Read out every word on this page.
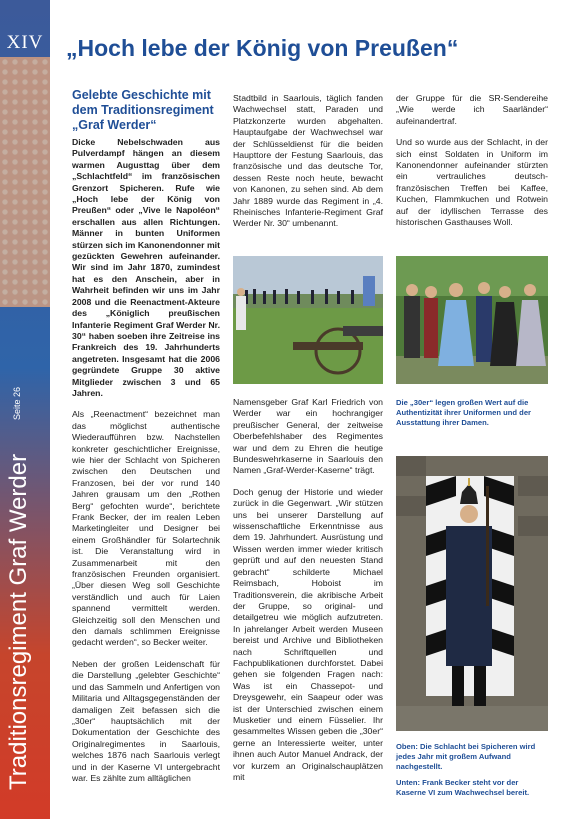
XIV
Seite 26
Traditionsregiment Graf Werder
„Hoch lebe der König von Preußen“
Gelebte Geschichte mit dem Traditionsregiment „Graf Werder“

Dicke Nebelschwaden aus Pulverdampf hängen an diesem warmen Augusttag über dem „Schlachtfeld“ im französischen Grenzort Spicheren. Rufe wie „Hoch lebe der König von Preußen“ oder „Vive le Napoléon“ erschallen aus allen Richtungen. Männer in bunten Uniformen stürzen sich im Kanonendonner mit gezückten Gewehren aufeinander. Wir sind im Jahr 1870, zumindest hat es den Anschein, aber in Wahrheit befinden wir uns im Jahr 2008 und die Reenactment-Akteure des „Königlich preußischen Infanterie Regiment Graf Werder Nr. 30“ haben soeben ihre Zeitreise ins Frankreich des 19. Jahrhunderts angetreten. Insgesamt hat die 2006 gegründete Gruppe 30 aktive Mitglieder zwischen 3 und 65 Jahren.

Als „Reenactment“ bezeichnet man das möglichst authentische Wiederaufführen bzw. Nachstellen konkreter geschichtlicher Ereignisse, wie hier der Schlacht von Spicheren zwischen den Deutschen und Franzosen, bei der vor rund 140 Jahren grausam um den „Rothen Berg“ gefochten wurde“, berichtete Frank Becker, der im realen Leben Marketingleiter und Designer bei einem Großhändler für Solartechnik ist. Die Veranstaltung wird in Zusammenarbeit mit den französischen Freunden organisiert. „Über diesen Weg soll Geschichte verständlich und auch für Laien spannend vermittelt werden. Gleichzeitig soll den Menschen und den damals schlimmen Ereignisse gedacht werden“, so Becker weiter.

Neben der großen Leidenschaft für die Darstellung „gelebter Geschichte“ und das Sammeln und Anfertigen von Militaria und Alltagsgegenständen der damaligen Zeit befassen sich die „30er“ hauptsächlich mit der Dokumentation der Geschichte des Originalregimentes in Saarlouis, welches 1876 nach Saarlouis verlegt und in der Kaserne VI untergebracht war. Es zählte zum alltäglichen

Stadtbild in Saarlouis, täglich fanden Wachwechsel statt, Paraden und Platzkonzerte wurden abgehalten. Hauptaufgabe der Wachwechsel war der Schlüsseldienst für die beiden Haupttore der Festung Saarlouis, das französische und das deutsche Tor, dessen Reste noch heute, bewacht von Kanonen, zu sehen sind. Ab dem Jahr 1889 wurde das Regiment in „4. Rheinisches Infanterie-Regiment Graf Werder Nr. 30“ umbenannt.

Namensgeber Graf Karl Friedrich von Werder war ein hochrangiger preußischer General, der zeitweise Oberbefehlshaber des Regimentes war und dem zu Ehren die heutige Bundeswehrkaserne in Saarlouis den Namen „Graf-Werder-Kaserne“ trägt.

Doch genug der Historie und wieder zurück in die Gegenwart. „Wir stützen uns bei unserer Darstellung auf wissenschaftliche Erkenntnisse aus dem 19. Jahrhundert. Ausrüstung und Wissen werden immer wieder kritisch geprüft und auf den neuesten Stand gebracht“ schilderte Michael Reimsbach, Hoboist im Traditionsverein, die akribische Arbeit der Gruppe, so original- und detailgetreu wie möglich aufzutreten. In jahrelanger Arbeit werden Museen bereist und Archive und Bibliotheken nach Schriftquellen und Fachpublikationen durchforstet. Dabei gehen sie folgenden Fragen nach: Was ist ein Chassepot- und Dreysgewehr, ein Saapeur oder was ist der Unterschied zwischen einem Musketier und einem Füsselier. Ihr gesammeltes Wissen geben die „30er“ gerne an Interessierte weiter, unter ihnen auch Autor Manuel Andrack, der vor kurzem an Originalschauplätzen mit

der Gruppe für die SR-Sendereihe „Wie werde ich Saarländer“ aufeinandertraf.

Und so wurde aus der Schlacht, in der sich einst Soldaten in Uniform im Kanonendonner aufeinander stürzten ein vertrauliches deutsch-französischen Treffen bei Kaffee, Kuchen, Flammkuchen und Rotwein auf der idyllischen Terrasse des historischen Gasthauses Woll.

Die „30er“ legen großen Wert auf die Authentizität ihrer Uniformen und der Ausstattung ihrer Damen.

Oben: Die Schlacht bei Spicheren wird jedes Jahr mit großem Aufwand nachgestellt.

Unten: Frank Becker steht vor der Kaserne VI zum Wachwechsel bereit.
